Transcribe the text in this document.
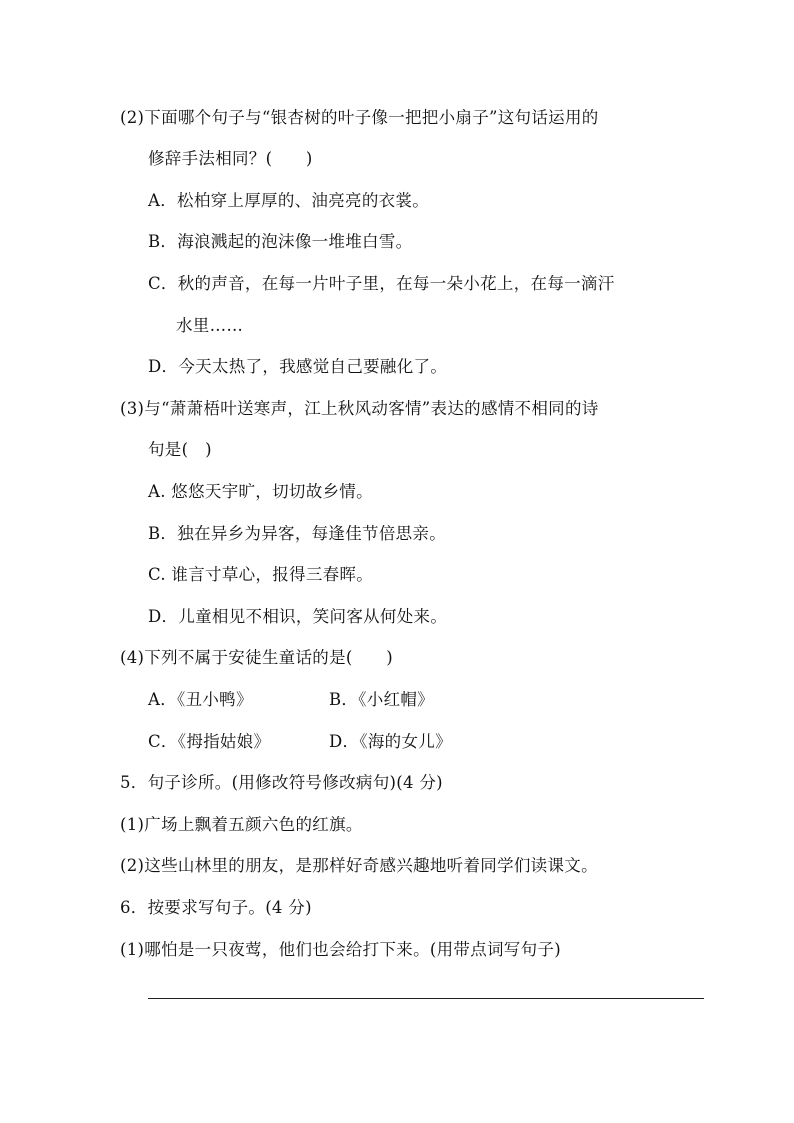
(2)下面哪个句子与“银杏树的叶子像一把把小扇子”这句话运用的
修辞手法相同？(　　)
A．松柏穿上厚厚的、油亮亮的衣裳。
B．海浪溅起的泡沫像一堆堆白雪。
C．秋的声音，在每一片叶子里，在每一朵小花上，在每一滴汗
水里……
D．今天太热了，我感觉自己要融化了。
(3)与“萧萧梧叶送寒声，江上秋风动客情”表达的感情不相同的诗
句是(　)
A. 悠悠天宇旷，切切故乡情。
B．独在异乡为异客，每逢佳节倍思亲。
C. 谁言寸草心，报得三春晖。
D．儿童相见不相识，笑问客从何处来。
(4)下列不属于安徒生童话的是(　　)
A．《丑小鸭》	B．《小红帽》
C．《拇指姑娘》	D．《海的女儿》
5．句子诊所。(用修改符号修改病句)(4 分)
(1)广场上飘着五颜六色的红旗。
(2)这些山林里的朋友，是那样好奇感兴趣地听着同学们读课文。
6．按要求写句子。(4 分)
(1)哪怕是一只夜莺，他们也会给打下来。(用带点词写句子)
